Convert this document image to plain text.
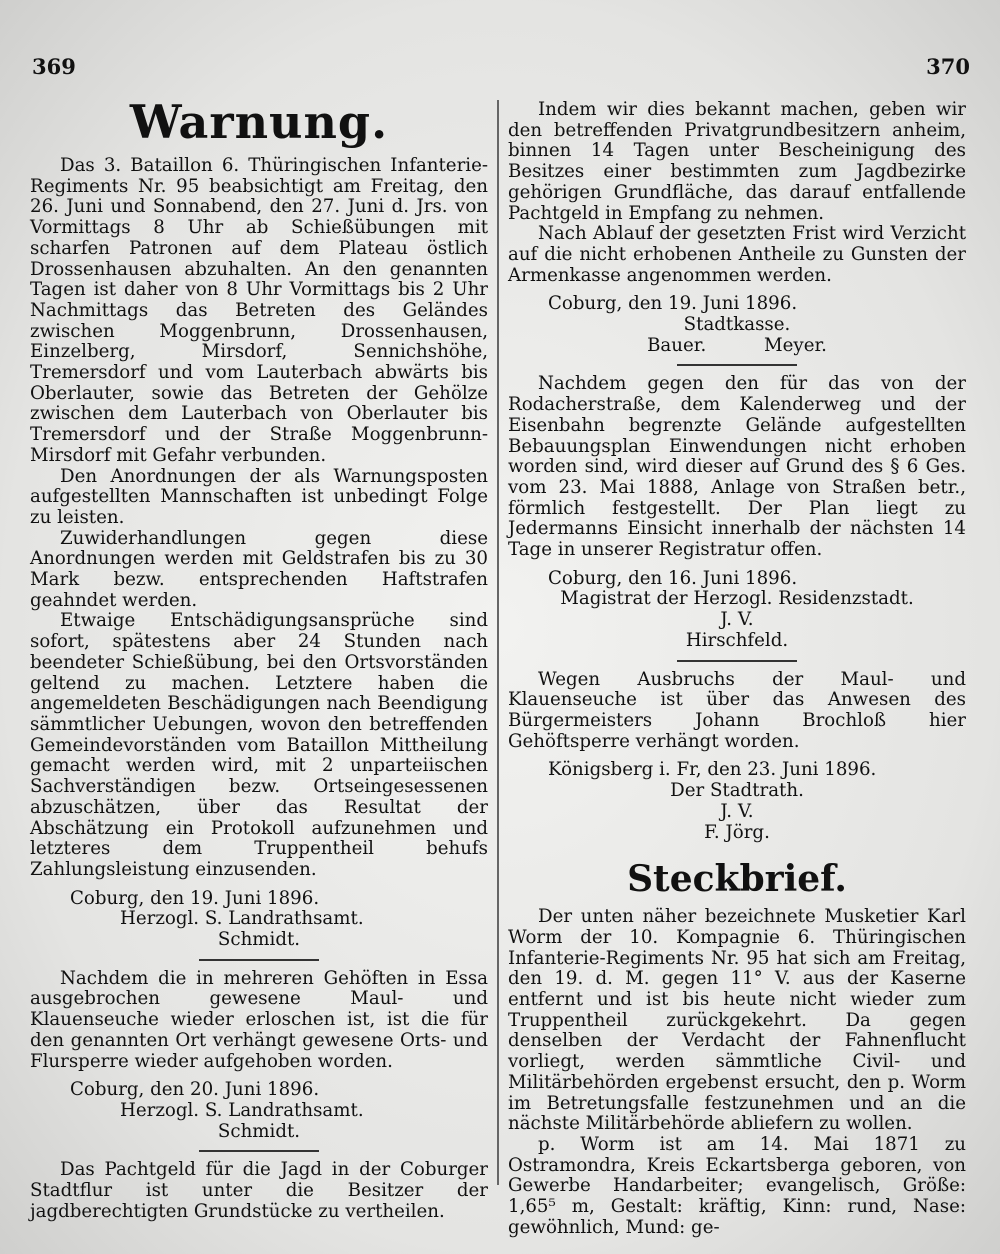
369	370
Warnung.

Das 3. Bataillon 6. Thüringischen Infanterie-Regiments Nr. 95 beabsichtigt am Freitag, den 26. Juni und Sonnabend, den 27. Juni d. Jrs. von Vormittags 8 Uhr ab Schießübungen mit scharfen Patronen auf dem Plateau östlich Drossenhausen abzuhalten. An den genannten Tagen ist daher von 8 Uhr Vormittags bis 2 Uhr Nachmittags das Betreten des Geländes zwischen Moggenbrunn, Drossenhausen, Einzelberg, Mirsdorf, Sennichshöhe, Tremersdorf und vom Lauterbach abwärts bis Oberlauter, sowie das Betreten der Gehölze zwischen dem Lauterbach von Oberlauter bis Tremersdorf und der Straße Moggenbrunn-Mirsdorf mit Gefahr verbunden.

Den Anordnungen der als Warnungsposten aufgestellten Mannschaften ist unbedingt Folge zu leisten.

Zuwiderhandlungen gegen diese Anordnungen werden mit Geldstrafen bis zu 30 Mark bezw. entsprechenden Haftstrafen geahndet werden.

Etwaige Entschädigungsansprüche sind sofort, spätestens aber 24 Stunden nach beendeter Schießübung, bei den Ortsvorständen geltend zu machen. Letztere haben die angemeldeten Beschädigungen nach Beendigung sämmtlicher Uebungen, wovon den betreffenden Gemeindevorständen vom Bataillon Mittheilung gemacht werden wird, mit 2 unparteiischen Sachverständigen bezw. Ortseingesessenen abzuschätzen, über das Resultat der Abschätzung ein Protokoll aufzunehmen und letzteres dem Truppentheil behufs Zahlungsleistung einzusenden.

Coburg, den 19. Juni 1896.

Herzogl. S. Landrathsamt.

Schmidt.

Nachdem die in mehreren Gehöften in Essa ausgebrochen gewesene Maul- und Klauenseuche wieder erloschen ist, ist die für den genannten Ort verhängt gewesene Orts- und Flursperre wieder aufgehoben worden.

Coburg, den 20. Juni 1896.

Herzogl. S. Landrathsamt.

Schmidt.

Das Pachtgeld für die Jagd in der Coburger Stadtflur ist unter die Besitzer der jagdberechtigten Grundstücke zu vertheilen.

Indem wir dies bekannt machen, geben wir den betreffenden Privatgrundbesitzern anheim, binnen 14 Tagen unter Bescheinigung des Besitzes einer bestimmten zum Jagdbezirke gehörigen Grundfläche, das darauf entfallende Pachtgeld in Empfang zu nehmen.

Nach Ablauf der gesetzten Frist wird Verzicht auf die nicht erhobenen Antheile zu Gunsten der Armenkasse angenommen werden.

Coburg, den 19. Juni 1896.

Stadtkasse.

Bauer.          Meyer.

Nachdem gegen den für das von der Rodacherstraße, dem Kalenderweg und der Eisenbahn begrenzte Gelände aufgestellten Bebauungsplan Einwendungen nicht erhoben worden sind, wird dieser auf Grund des § 6 Ges. vom 23. Mai 1888, Anlage von Straßen betr., förmlich festgestellt. Der Plan liegt zu Jedermanns Einsicht innerhalb der nächsten 14 Tage in unserer Registratur offen.

Coburg, den 16. Juni 1896.

Magistrat der Herzogl. Residenzstadt.

J. V.

Hirschfeld.

Wegen Ausbruchs der Maul- und Klauenseuche ist über das Anwesen des Bürgermeisters Johann Brochloß hier Gehöftsperre verhängt worden.

Königsberg i. Fr, den 23. Juni 1896.

Der Stadtrath.

J. V.

F. Jörg.

Steckbrief.

Der unten näher bezeichnete Musketier Karl Worm der 10. Kompagnie 6. Thüringischen Infanterie-Regiments Nr. 95 hat sich am Freitag, den 19. d. M. gegen 11° V. aus der Kaserne entfernt und ist bis heute nicht wieder zum Truppentheil zurückgekehrt. Da gegen denselben der Verdacht der Fahnenflucht vorliegt, werden sämmtliche Civil- und Militärbehörden ergebenst ersucht, den p. Worm im Betretungsfalle festzunehmen und an die nächste Militärbehörde abliefern zu wollen.

p. Worm ist am 14. Mai 1871 zu Ostramondra, Kreis Eckartsberga geboren, von Gewerbe Handarbeiter; evangelisch, Größe: 1,65⁵ m, Gestalt: kräftig, Kinn: rund, Nase: gewöhnlich, Mund: ge-
